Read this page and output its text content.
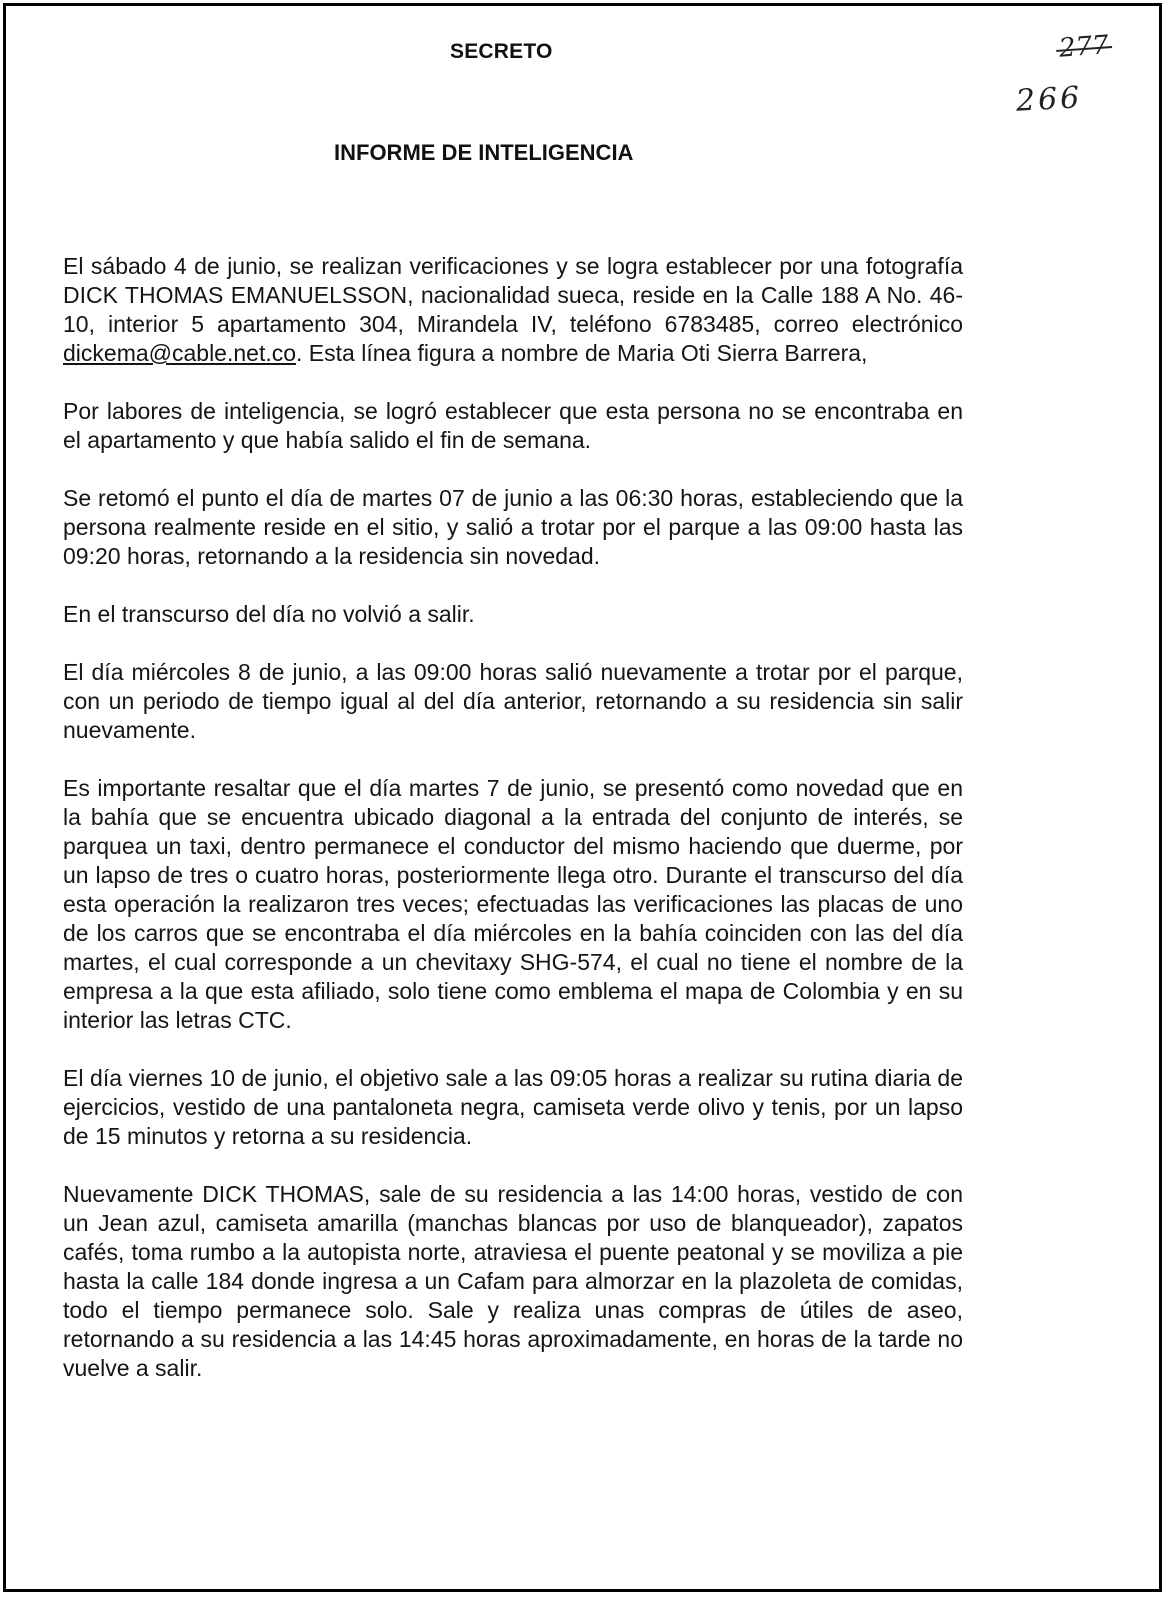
SECRETO	277
266
INFORME DE INTELIGENCIA

El sábado 4 de junio, se realizan verificaciones y se logra establecer por una fotografía DICK THOMAS EMANUELSSON, nacionalidad sueca, reside en la Calle 188 A No. 46-10, interior 5 apartamento 304, Mirandela IV, teléfono 6783485, correo electrónico dickema@cable.net.co. Esta línea figura a nombre de Maria Oti Sierra Barrera,

Por labores de inteligencia, se logró establecer que esta persona no se encontraba en el apartamento y que había salido el fin de semana.

Se retomó el punto el día de martes 07 de junio a las 06:30 horas, estableciendo que la persona realmente reside en el sitio, y salió a trotar por el parque a las 09:00 hasta las 09:20 horas, retornando a la residencia sin novedad.

En el transcurso del día no volvió a salir.

El día miércoles 8 de junio, a las 09:00 horas salió nuevamente a trotar por el parque, con un periodo de tiempo igual al del día anterior, retornando a su residencia sin salir nuevamente.

Es importante resaltar que el día martes 7 de junio, se presentó como novedad que en la bahía que se encuentra ubicado diagonal a la entrada del conjunto de interés, se parquea un taxi, dentro permanece el conductor del mismo haciendo que duerme, por un lapso de tres o cuatro horas, posteriormente llega otro. Durante el transcurso del día esta operación la realizaron tres veces; efectuadas las verificaciones las placas de uno de los carros que se encontraba el día miércoles en la bahía coinciden con las del día martes, el cual corresponde a un chevitaxy SHG-574, el cual no tiene el nombre de la empresa a la que esta afiliado, solo tiene como emblema el mapa de Colombia y en su interior las letras CTC.

El día viernes 10 de junio, el objetivo sale a las 09:05 horas a realizar su rutina diaria de ejercicios, vestido de una pantaloneta negra, camiseta verde olivo y tenis, por un lapso de 15 minutos y retorna a su residencia.

Nuevamente DICK THOMAS, sale de su residencia a las 14:00 horas, vestido de con un Jean azul, camiseta amarilla (manchas blancas por uso de blanqueador), zapatos cafés, toma rumbo a la autopista norte, atraviesa el puente peatonal y se moviliza a pie hasta la calle 184 donde ingresa a un Cafam para almorzar en la plazoleta de comidas, todo el tiempo permanece solo. Sale y realiza unas compras de útiles de aseo, retornando a su residencia a las 14:45 horas aproximadamente, en horas de la tarde no vuelve a salir.
